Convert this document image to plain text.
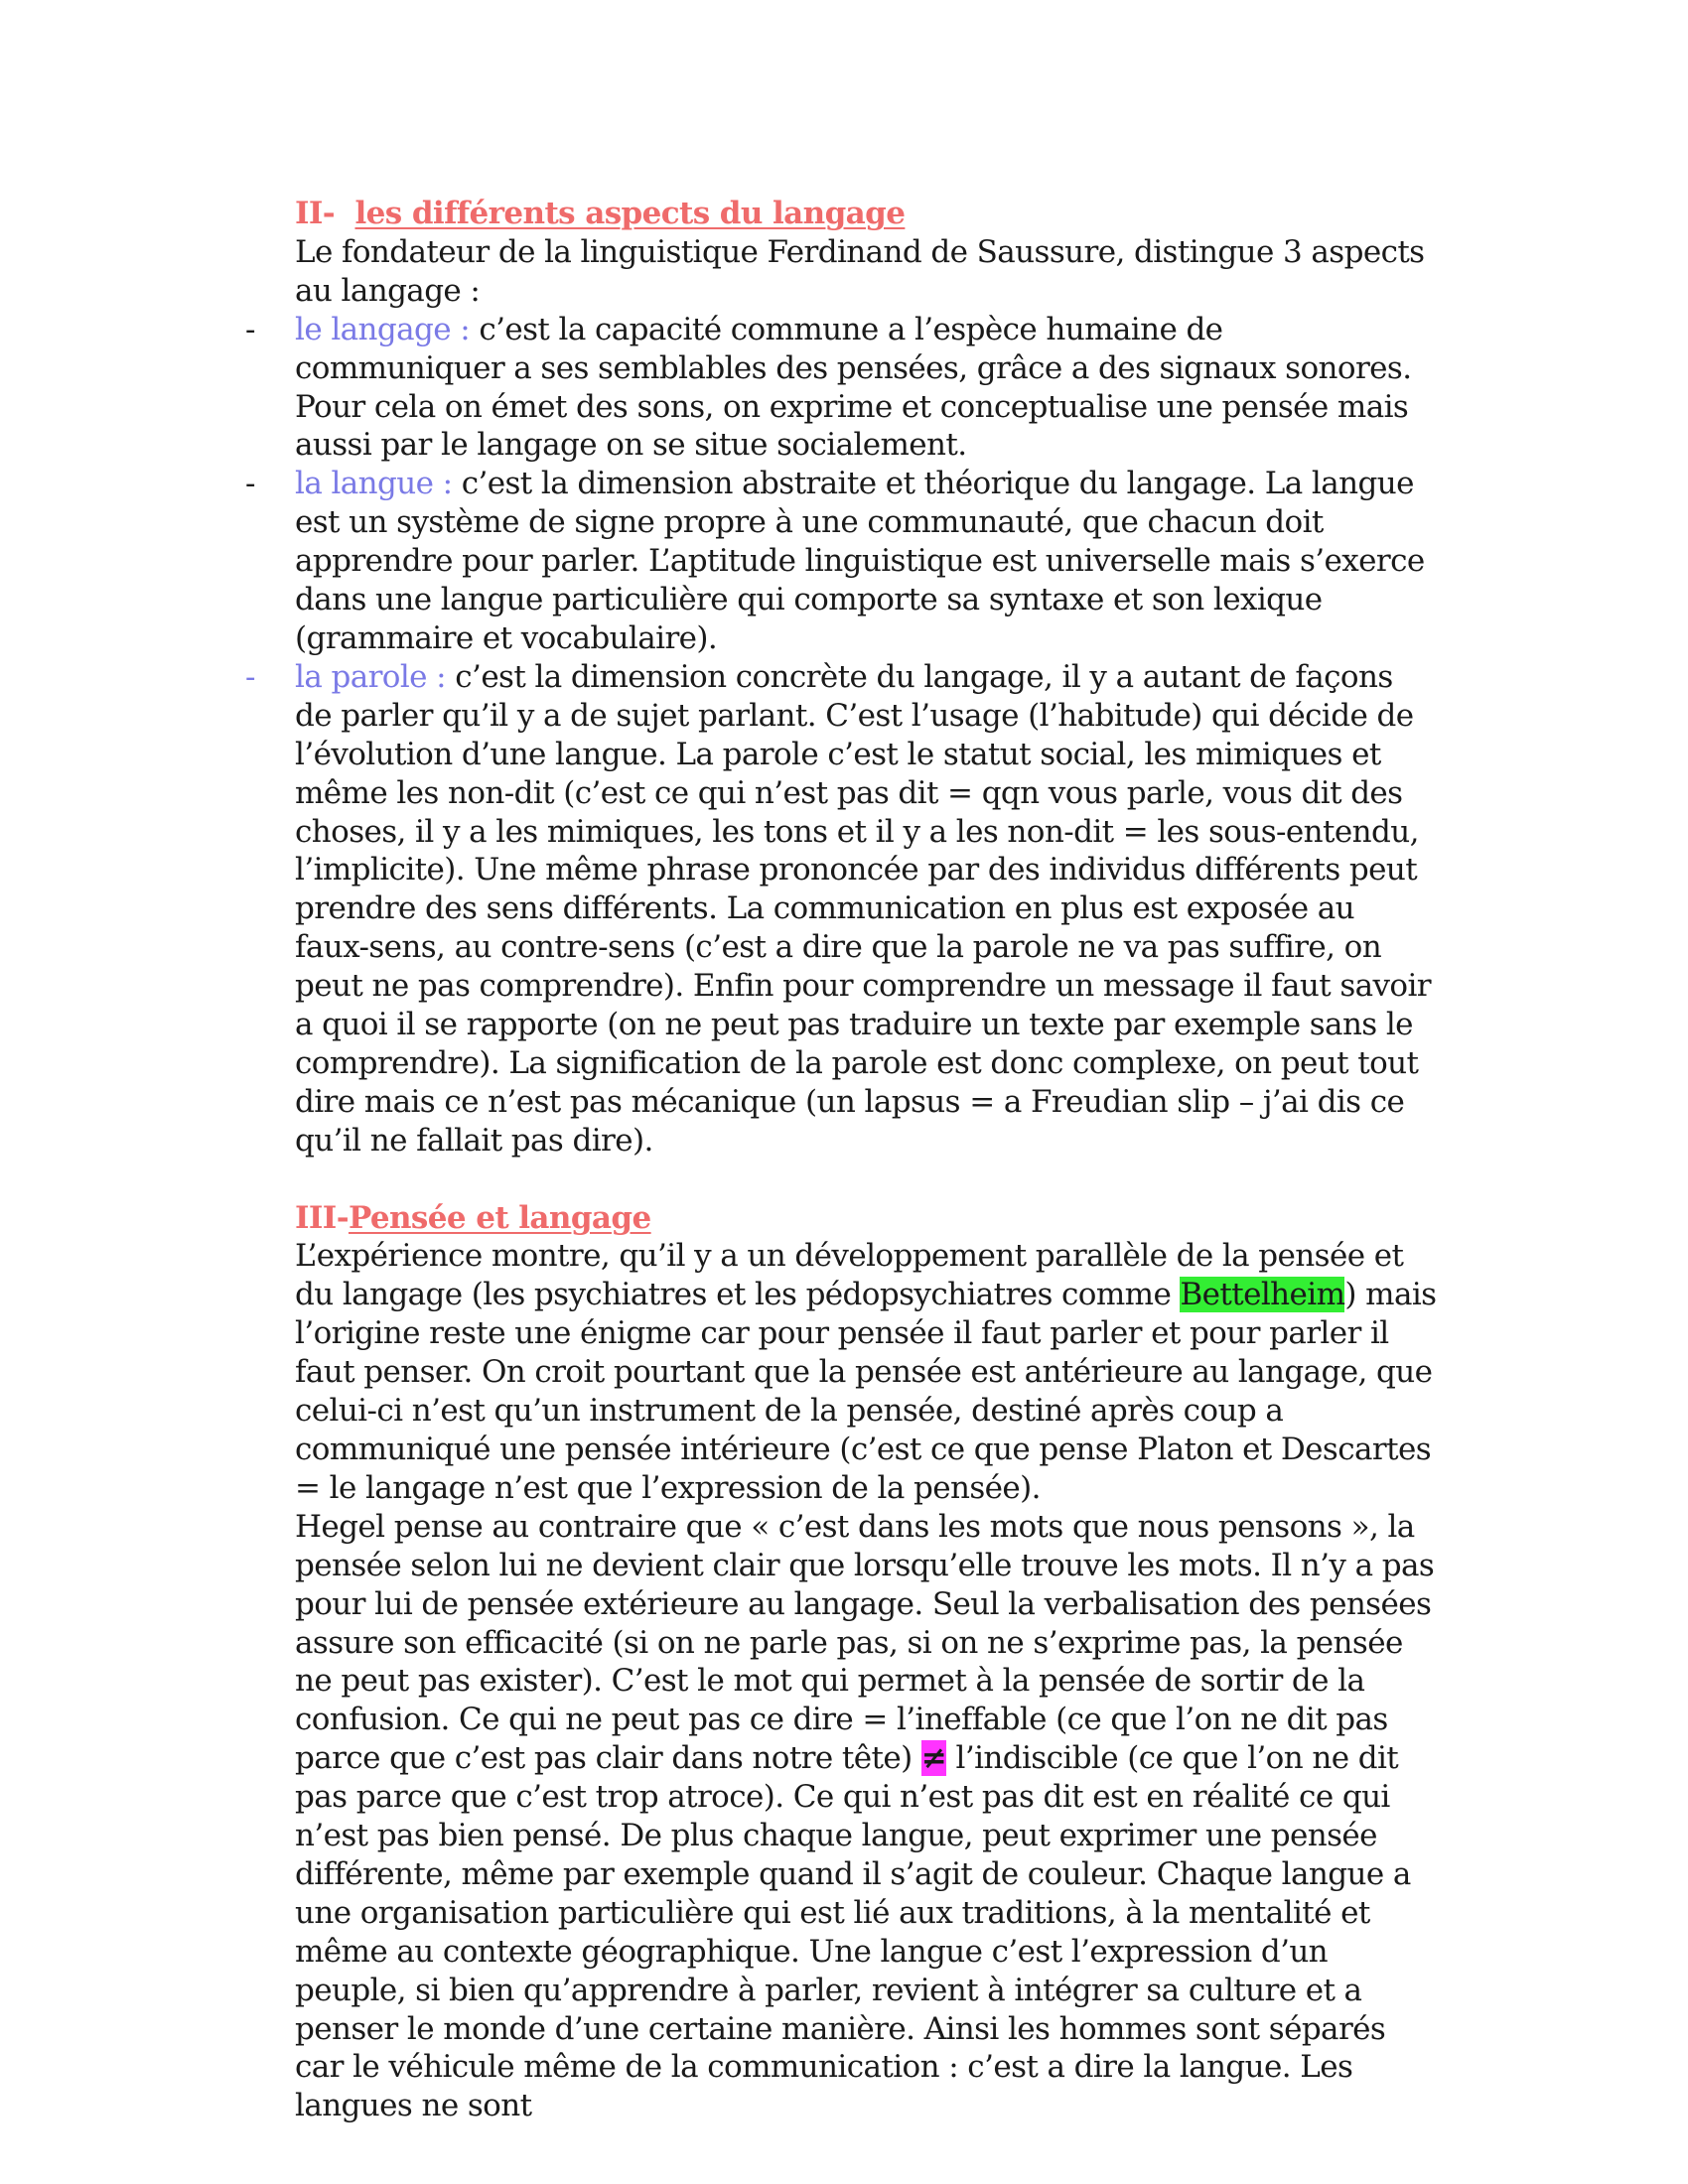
II- les différents aspects du langage
Le fondateur de la linguistique Ferdinand de Saussure, distingue 3 aspects au langage :
- le langage : c’est la capacité commune a l’espèce humaine de communiquer a ses semblables des pensées, grâce a des signaux sonores. Pour cela on émet des sons, on exprime et conceptualise une pensée mais aussi par le langage on se situe socialement.
- la langue : c’est la dimension abstraite et théorique du langage. La langue est un système de signe propre à une communauté, que chacun doit apprendre pour parler. L’aptitude linguistique est universelle mais s’exerce dans une langue particulière qui comporte sa syntaxe et son lexique (grammaire et vocabulaire).
- la parole : c’est la dimension concrète du langage, il y a autant de façons de parler qu’il y a de sujet parlant. C’est l’usage (l’habitude) qui décide de l’évolution d’une langue. La parole c’est le statut social, les mimiques et même les non-dit (c’est ce qui n’est pas dit = qqn vous parle, vous dit des choses, il y a les mimiques, les tons et il y a les non-dit = les sous-entendu, l’implicite). Une même phrase prononcée par des individus différents peut prendre des sens différents. La communication en plus est exposée au faux-sens, au contre-sens (c’est a dire que la parole ne va pas suffire, on peut ne pas comprendre). Enfin pour comprendre un message il faut savoir a quoi il se rapporte (on ne peut pas traduire un texte par exemple sans le comprendre). La signification de la parole est donc complexe, on peut tout dire mais ce n’est pas mécanique (un lapsus = a Freudian slip – j’ai dis ce qu’il ne fallait pas dire).
III-Pensée et langage
L’expérience montre, qu’il y a un développement parallèle de la pensée et du langage (les psychiatres et les pédopsychiatres comme Bettelheim) mais l’origine reste une énigme car pour pensée il faut parler et pour parler il faut penser. On croit pourtant que la pensée est antérieure au langage, que celui-ci n’est qu’un instrument de la pensée, destiné après coup a communiqué une pensée intérieure (c’est ce que pense Platon et Descartes = le langage n’est que l’expression de la pensée).
Hegel pense au contraire que « c’est dans les mots que nous pensons », la pensée selon lui ne devient clair que lorsqu’elle trouve les mots. Il n’y a pas pour lui de pensée extérieure au langage. Seul la verbalisation des pensées assure son efficacité (si on ne parle pas, si on ne s’exprime pas, la pensée ne peut pas exister). C’est le mot qui permet à la pensée de sortir de la confusion. Ce qui ne peut pas ce dire = l’ineffable (ce que l’on ne dit pas parce que c’est pas clair dans notre tête) ≠ l’indiscible (ce que l’on ne dit pas parce que c’est trop atroce). Ce qui n’est pas dit est en réalité ce qui n’est pas bien pensé. De plus chaque langue, peut exprimer une pensée différente, même par exemple quand il s’agit de couleur. Chaque langue a une organisation particulière qui est lié aux traditions, à la mentalité et même au contexte géographique. Une langue c’est l’expression d’un peuple, si bien qu’apprendre à parler, revient à intégrer sa culture et a penser le monde d’une certaine manière. Ainsi les hommes sont séparés car le véhicule même de la communication : c’est a dire la langue. Les langues ne sont
